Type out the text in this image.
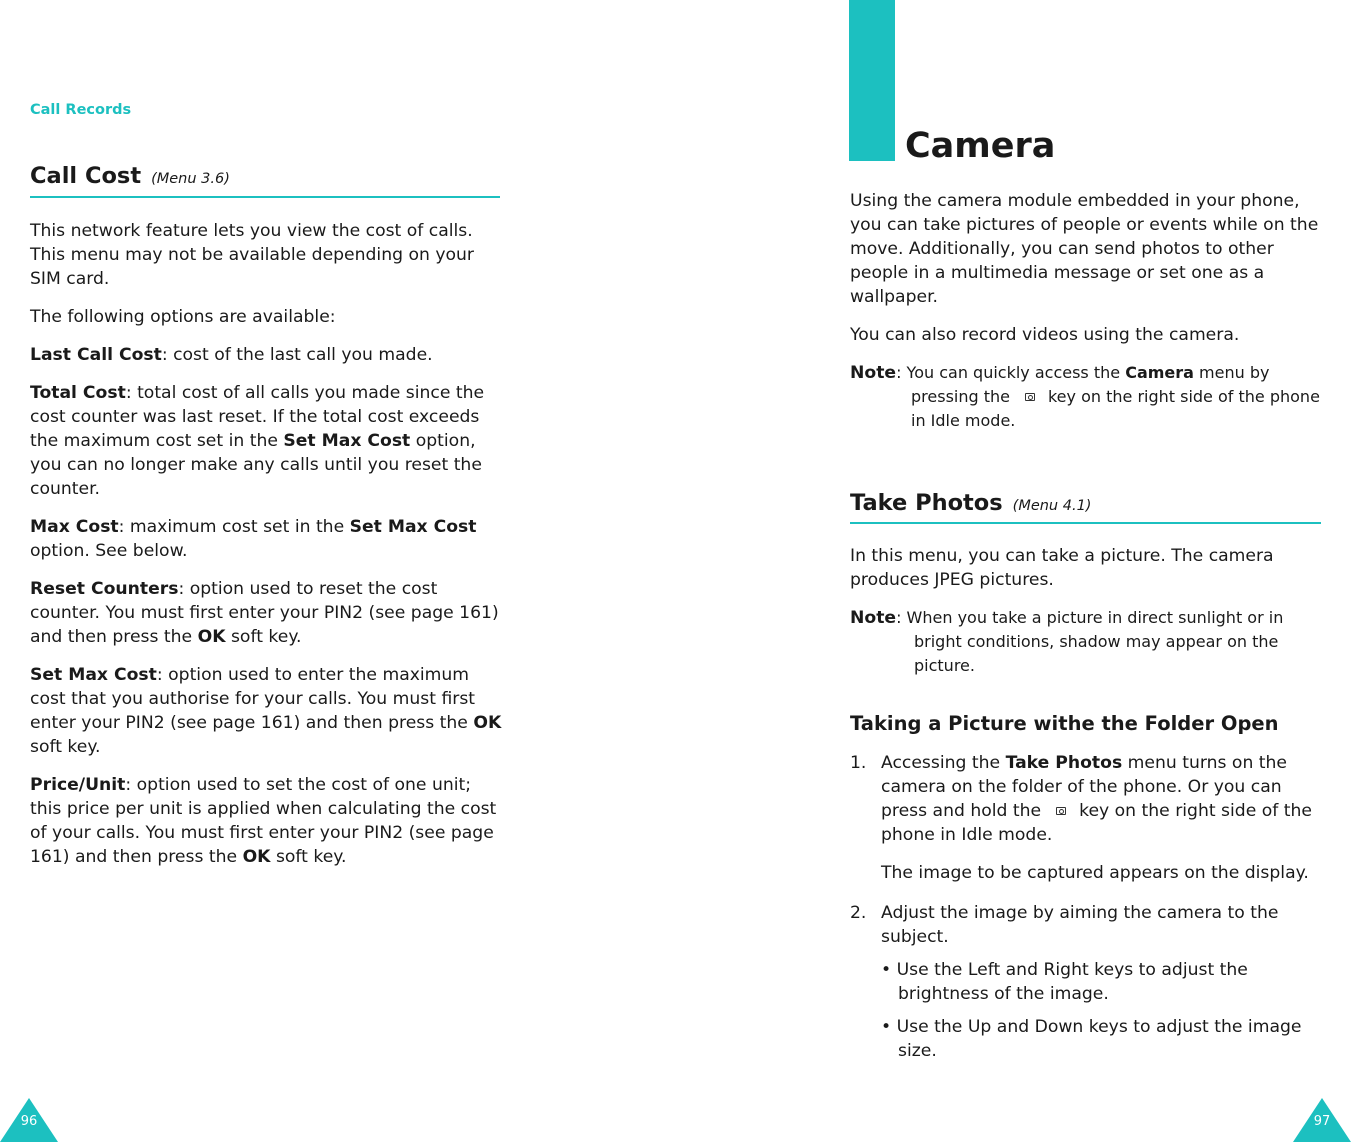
Call Records
Call Cost (Menu 3.6)

This network feature lets you view the cost of calls. This menu may not be available depending on your SIM card.

The following options are available:

Last Call Cost: cost of the last call you made.

Total Cost: total cost of all calls you made since the cost counter was last reset. If the total cost exceeds the maximum cost set in the Set Max Cost option, you can no longer make any calls until you reset the counter.

Max Cost: maximum cost set in the Set Max Cost option. See below.

Reset Counters: option used to reset the cost counter. You must first enter your PIN2 (see page 161) and then press the OK soft key.

Set Max Cost: option used to enter the maximum cost that you authorise for your calls. You must first enter your PIN2 (see page 161) and then press the OK soft key.

Price/Unit: option used to set the cost of one unit; this price per unit is applied when calculating the cost of your calls. You must first enter your PIN2 (see page 161) and then press the OK soft key.

96
Camera

Using the camera module embedded in your phone, you can take pictures of people or events while on the move. Additionally, you can send photos to other people in a multimedia message or set one as a wallpaper.

You can also record videos using the camera.

Note: You can quickly access the Camera menu by pressing the key on the right side of the phone in Idle mode.

Take Photos (Menu 4.1)

In this menu, you can take a picture. The camera produces JPEG pictures.

Note: When you take a picture in direct sunlight or in bright conditions, shadow may appear on the picture.

Taking a Picture withe the Folder Open

1. Accessing the Take Photos menu turns on the camera on the folder of the phone. Or you can press and hold the key on the right side of the phone in Idle mode.

The image to be captured appears on the display.

2. Adjust the image by aiming the camera to the subject.

• Use the Left and Right keys to adjust the brightness of the image.

• Use the Up and Down keys to adjust the image size.

97
